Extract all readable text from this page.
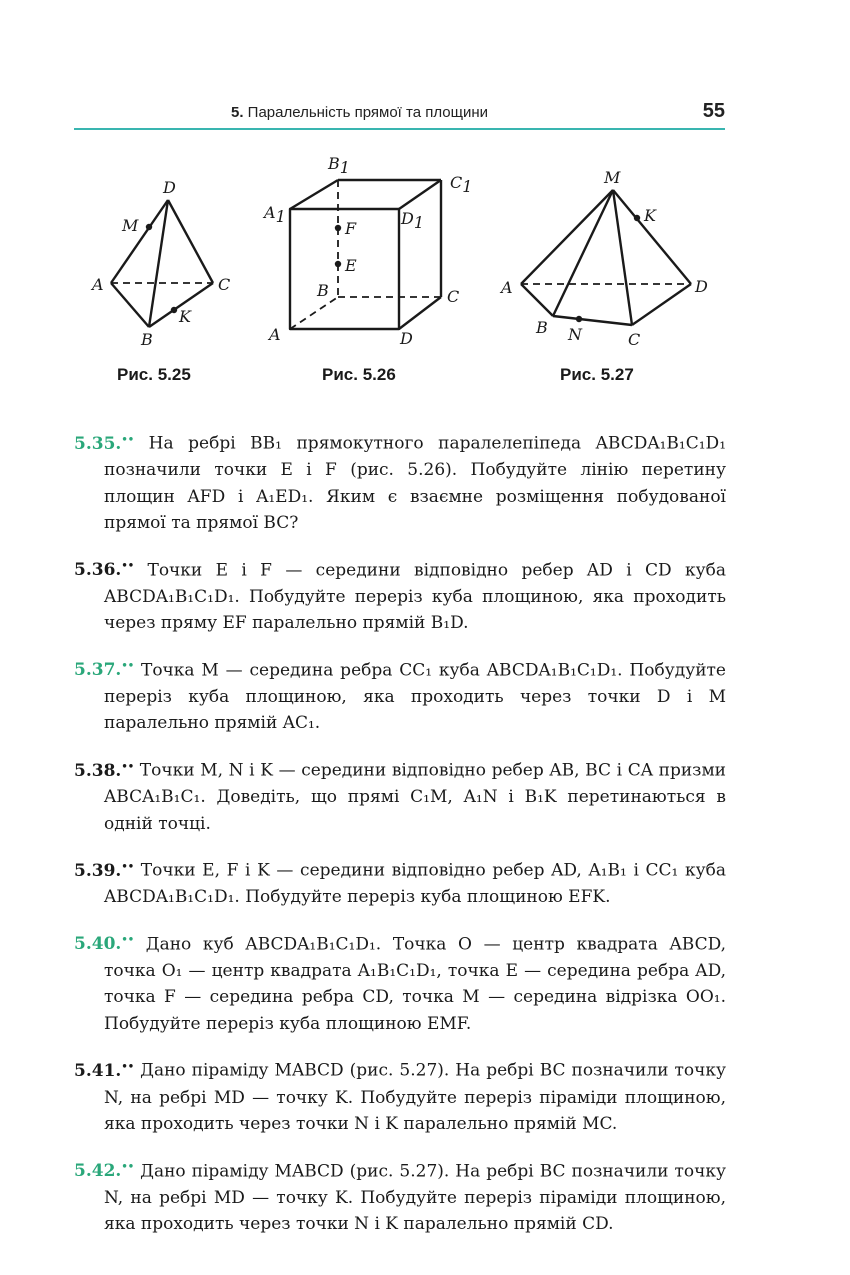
5. Паралельність прямої та площини	55
D
M
A	C
B
K
B1
C1
A1	D1
F
E
B	C
A	D
M
K
A	D
B N	C
Рис. 5.25	Рис. 5.26	Рис. 5.27

5.35.•• На ребрі BB₁ прямокутного паралелепіпеда ABCDA₁B₁C₁D₁ позначили точки E і F (рис. 5.26). Побудуйте лінію перетину площин AFD і A₁ED₁. Яким є взаємне розміщення побудованої прямої та прямої BC?

5.36.•• Точки E і F — середини відповідно ребер AD і CD куба ABCDA₁B₁C₁D₁. Побудуйте переріз куба площиною, яка проходить через пряму EF паралельно прямій B₁D.

5.37.•• Точка M — середина ребра CC₁ куба ABCDA₁B₁C₁D₁. Побудуйте переріз куба площиною, яка проходить через точки D і M паралельно прямій AC₁.

5.38.•• Точки M, N і K — середини відповідно ребер AB, BC і CA призми ABCA₁B₁C₁. Доведіть, що прямі C₁M, A₁N і B₁K перетинаються в одній точці.

5.39.•• Точки E, F і K — середини відповідно ребер AD, A₁B₁ і CC₁ куба ABCDA₁B₁C₁D₁. Побудуйте переріз куба площиною EFK.

5.40.•• Дано куб ABCDA₁B₁C₁D₁. Точка O — центр квадрата ABCD, точка O₁ — центр квадрата A₁B₁C₁D₁, точка E — середина ребра AD, точка F — середина ребра CD, точка M — середина відрізка OO₁. Побудуйте переріз куба площиною EMF.

5.41.•• Дано піраміду MABCD (рис. 5.27). На ребрі BC позначили точку N, на ребрі MD — точку K. Побудуйте переріз піраміди площиною, яка проходить через точки N і K паралельно прямій MC.

5.42.•• Дано піраміду MABCD (рис. 5.27). На ребрі BC позначили точку N, на ребрі MD — точку K. Побудуйте переріз піраміди площиною, яка проходить через точки N і K паралельно прямій CD.
